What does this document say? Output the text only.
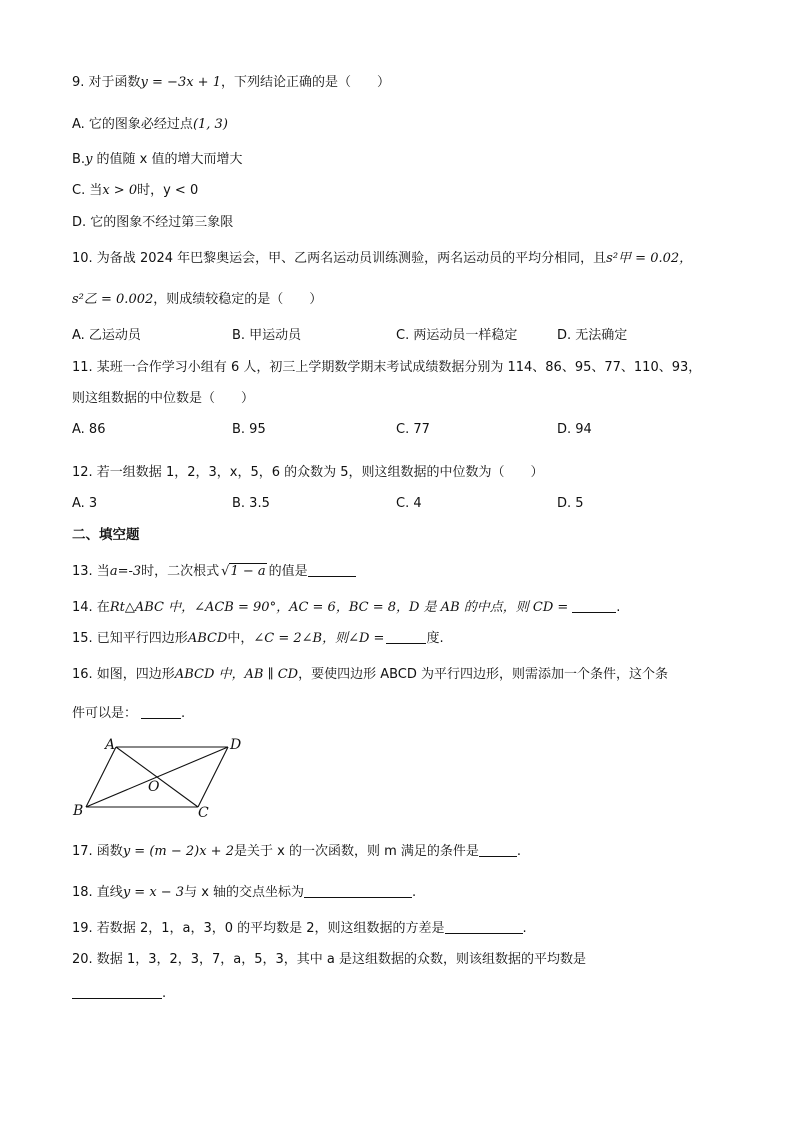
9. 对于函数y = −3x + 1，下列结论正确的是（　　）
A. 它的图象必经过点(1, 3)
B.y 的值随 x 值的增大而增大
C. 当x > 0时，y < 0
D. 它的图象不经过第三象限
10. 为备战 2024 年巴黎奥运会，甲、乙两名运动员训练测验，两名运动员的平均分相同，且s²甲 = 0.02，
s²乙 = 0.002，则成绩较稳定的是（　　）
A. 乙运动员	B. 甲运动员	C. 两运动员一样稳定	D. 无法确定
11. 某班一合作学习小组有 6 人，初三上学期数学期末考试成绩数据分别为 114、86、95、77、110、93，
则这组数据的中位数是（　　）
A. 86	B. 95	C. 77	D. 94
12. 若一组数据 1，2，3，x，5，6 的众数为 5，则这组数据的中位数为（　　）
A. 3	B. 3.5	C. 4	D. 5
二、填空题
13. 当a=-3时，二次根式 √1 − a 的值是
14. 在Rt△ABC 中，∠ACB = 90°，AC = 6，BC = 8，D 是 AB 的中点，则 CD =	.
15. 已知平行四边形ABCD中，∠C = 2∠B，则∠D =	度.
16. 如图，四边形ABCD 中，AB ∥ CD，要使四边形 ABCD 为平行四边形，则需添加一个条件，这个条
件可以是：	.
A	D
B	C
O
17. 函数y = (m − 2)x + 2是关于 x 的一次函数，则 m 满足的条件是	.
18. 直线y = x − 3与 x 轴的交点坐标为	.
19. 若数据 2，1，a，3，0 的平均数是 2，则这组数据的方差是	.
20. 数据 1，3，2，3，7，a，5，3，其中 a 是这组数据的众数，则该组数据的平均数是
.
